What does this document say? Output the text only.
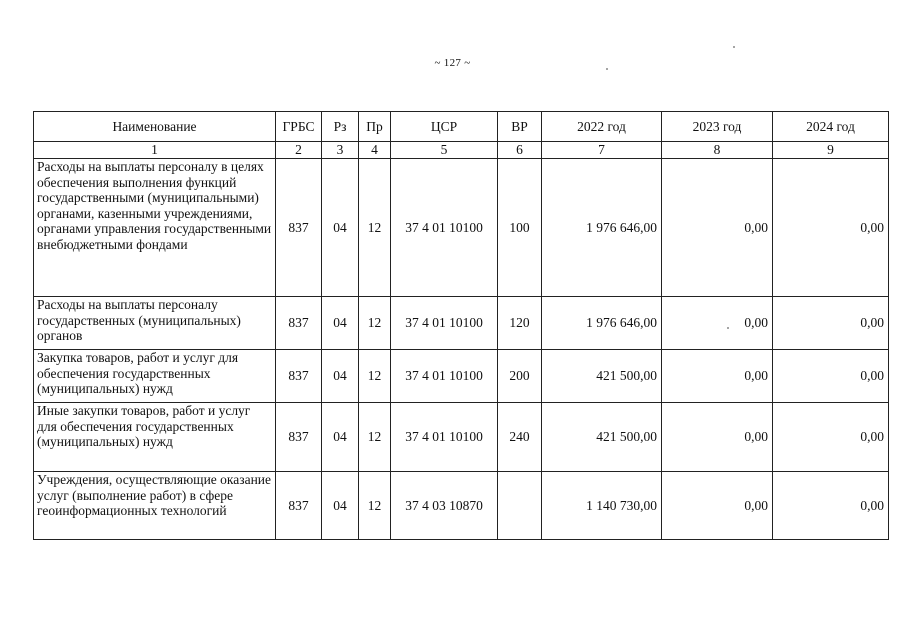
~ 127 ~
Наименование	ГРБС	Рз	Пр	ЦСР	ВР	2022 год	2023 год	2024 год
1	2	3	4	5	6	7	8	9
Расходы на выплаты персоналу в целях обеспечения выполнения функций государственными (муниципальными) органами, казенными учреждениями, органами управления государственными внебюджетными фондами	837	04	12	37 4 01 10100	100	1 976 646,00	0,00	0,00
Расходы на выплаты персоналу государственных (муниципальных) органов	837	04	12	37 4 01 10100	120	1 976 646,00	0,00	0,00
Закупка товаров, работ и услуг для обеспечения государственных (муниципальных) нужд	837	04	12	37 4 01 10100	200	421 500,00	0,00	0,00
Иные закупки товаров, работ и услуг для обеспечения государственных (муниципальных) нужд	837	04	12	37 4 01 10100	240	421 500,00	0,00	0,00
Учреждения, осуществляющие оказание услуг (выполнение работ) в сфере геоинформационных технологий	837	04	12	37 4 03 10870		1 140 730,00	0,00	0,00
